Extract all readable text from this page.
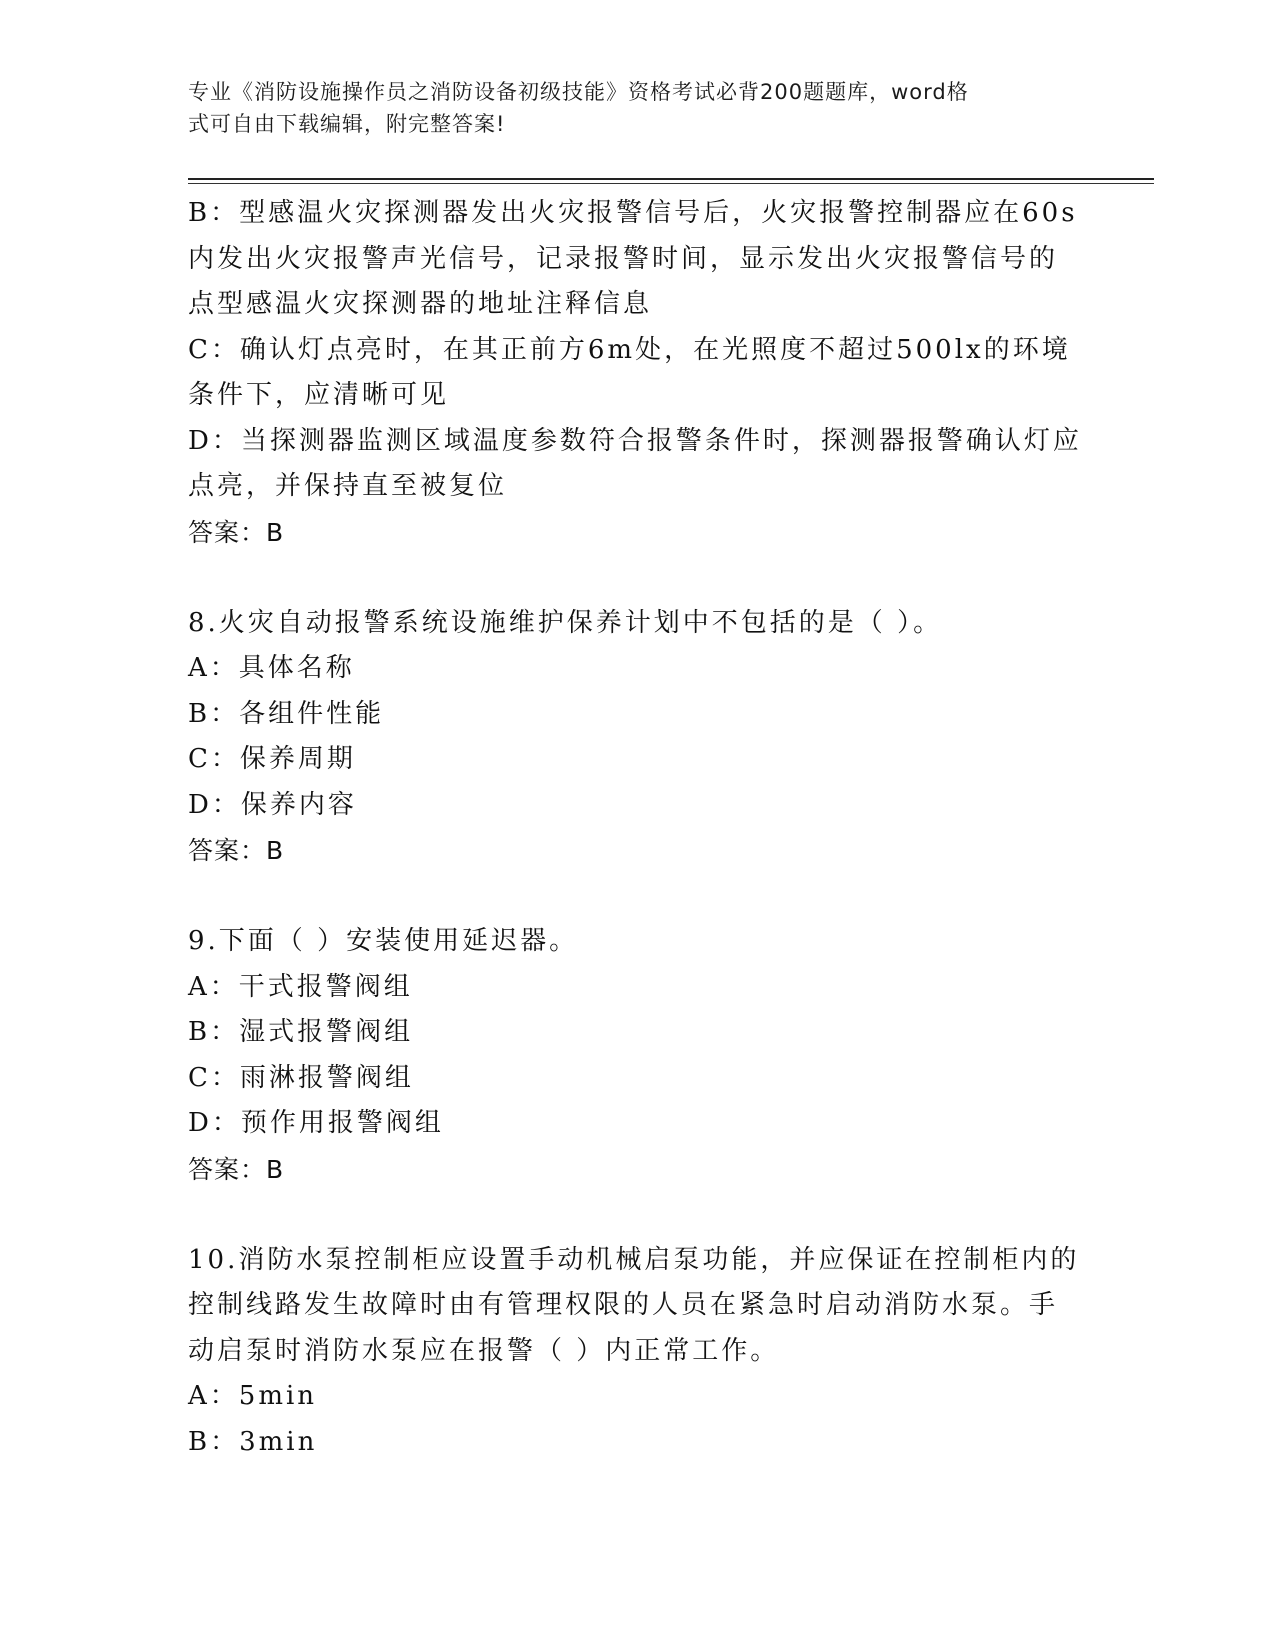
专业《消防设施操作员之消防设备初级技能》资格考试必背200题题库，word格
式可自由下载编辑，附完整答案!
B：型感温火灾探测器发出火灾报警信号后，火灾报警控制器应在60s
内发出火灾报警声光信号，记录报警时间，显示发出火灾报警信号的
点型感温火灾探测器的地址注释信息
C：确认灯点亮时，在其正前方6m处，在光照度不超过500lx的环境
条件下，应清晰可见
D：当探测器监测区域温度参数符合报警条件时，探测器报警确认灯应
点亮，并保持直至被复位
答案：B
8.火灾自动报警系统设施维护保养计划中不包括的是（ ）。
A：具体名称
B：各组件性能
C：保养周期
D：保养内容
答案：B
9.下面（ ）安装使用延迟器。
A：干式报警阀组
B：湿式报警阀组
C：雨淋报警阀组
D：预作用报警阀组
答案：B
10.消防水泵控制柜应设置手动机械启泵功能，并应保证在控制柜内的
控制线路发生故障时由有管理权限的人员在紧急时启动消防水泵。手
动启泵时消防水泵应在报警（ ）内正常工作。
A：5min
B：3min
